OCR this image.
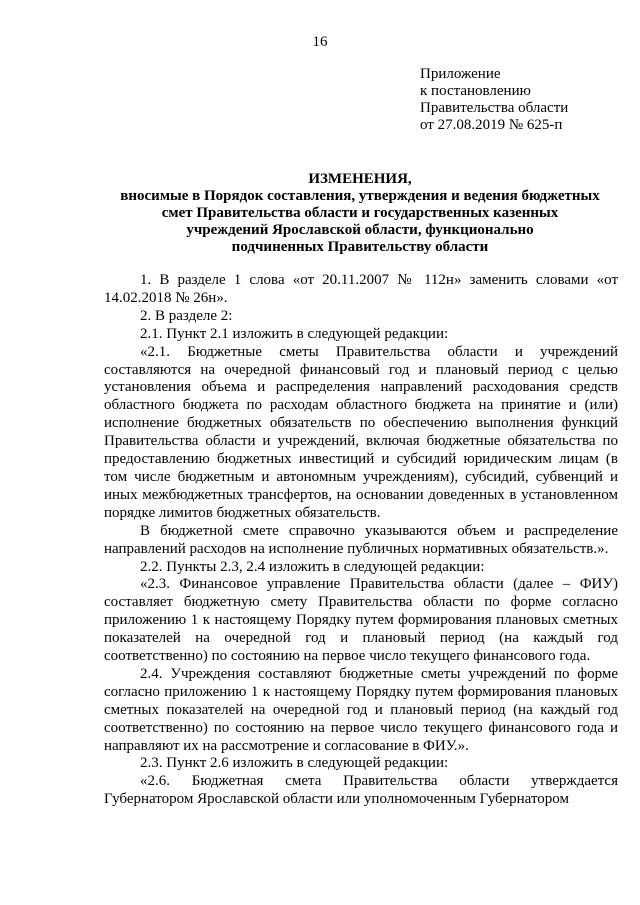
16
Приложение
к постановлению
Правительства области
от 27.08.2019 № 625-п
ИЗМЕНЕНИЯ,
вносимые в Порядок составления, утверждения и ведения бюджетных
смет Правительства области и государственных казенных
учреждений Ярославской области, функционально
подчиненных Правительству области

1. В разделе 1 слова «от 20.11.2007 № 112н» заменить словами «от 14.02.2018 № 26н».

2. В разделе 2:

2.1. Пункт 2.1 изложить в следующей редакции:

«2.1. Бюджетные сметы Правительства области и учреждений составляются на очередной финансовый год и плановый период с целью установления объема и распределения направлений расходования средств областного бюджета по расходам областного бюджета на принятие и (или) исполнение бюджетных обязательств по обеспечению выполнения функций Правительства области и учреждений, включая бюджетные обязательства по предоставлению бюджетных инвестиций и субсидий юридическим лицам (в том числе бюджетным и автономным учреждениям), субсидий, субвенций и иных межбюджетных трансфертов, на основании доведенных в установленном порядке лимитов бюджетных обязательств.

В бюджетной смете справочно указываются объем и распределение направлений расходов на исполнение публичных нормативных обязательств.».

2.2. Пункты 2.3, 2.4 изложить в следующей редакции:

«2.3. Финансовое управление Правительства области (далее – ФИУ) составляет бюджетную смету Правительства области по форме согласно приложению 1 к настоящему Порядку путем формирования плановых сметных показателей на очередной год и плановый период (на каждый год соответственно) по состоянию на первое число текущего финансового года.

2.4. Учреждения составляют бюджетные сметы учреждений по форме согласно приложению 1 к настоящему Порядку путем формирования плановых сметных показателей на очередной год и плановый период (на каждый год соответственно) по состоянию на первое число текущего финансового года и направляют их на рассмотрение и согласование в ФИУ.».

2.3. Пункт 2.6 изложить в следующей редакции:

«2.6. Бюджетная смета Правительства области утверждается Губернатором Ярославской области или уполномоченным Губернатором
